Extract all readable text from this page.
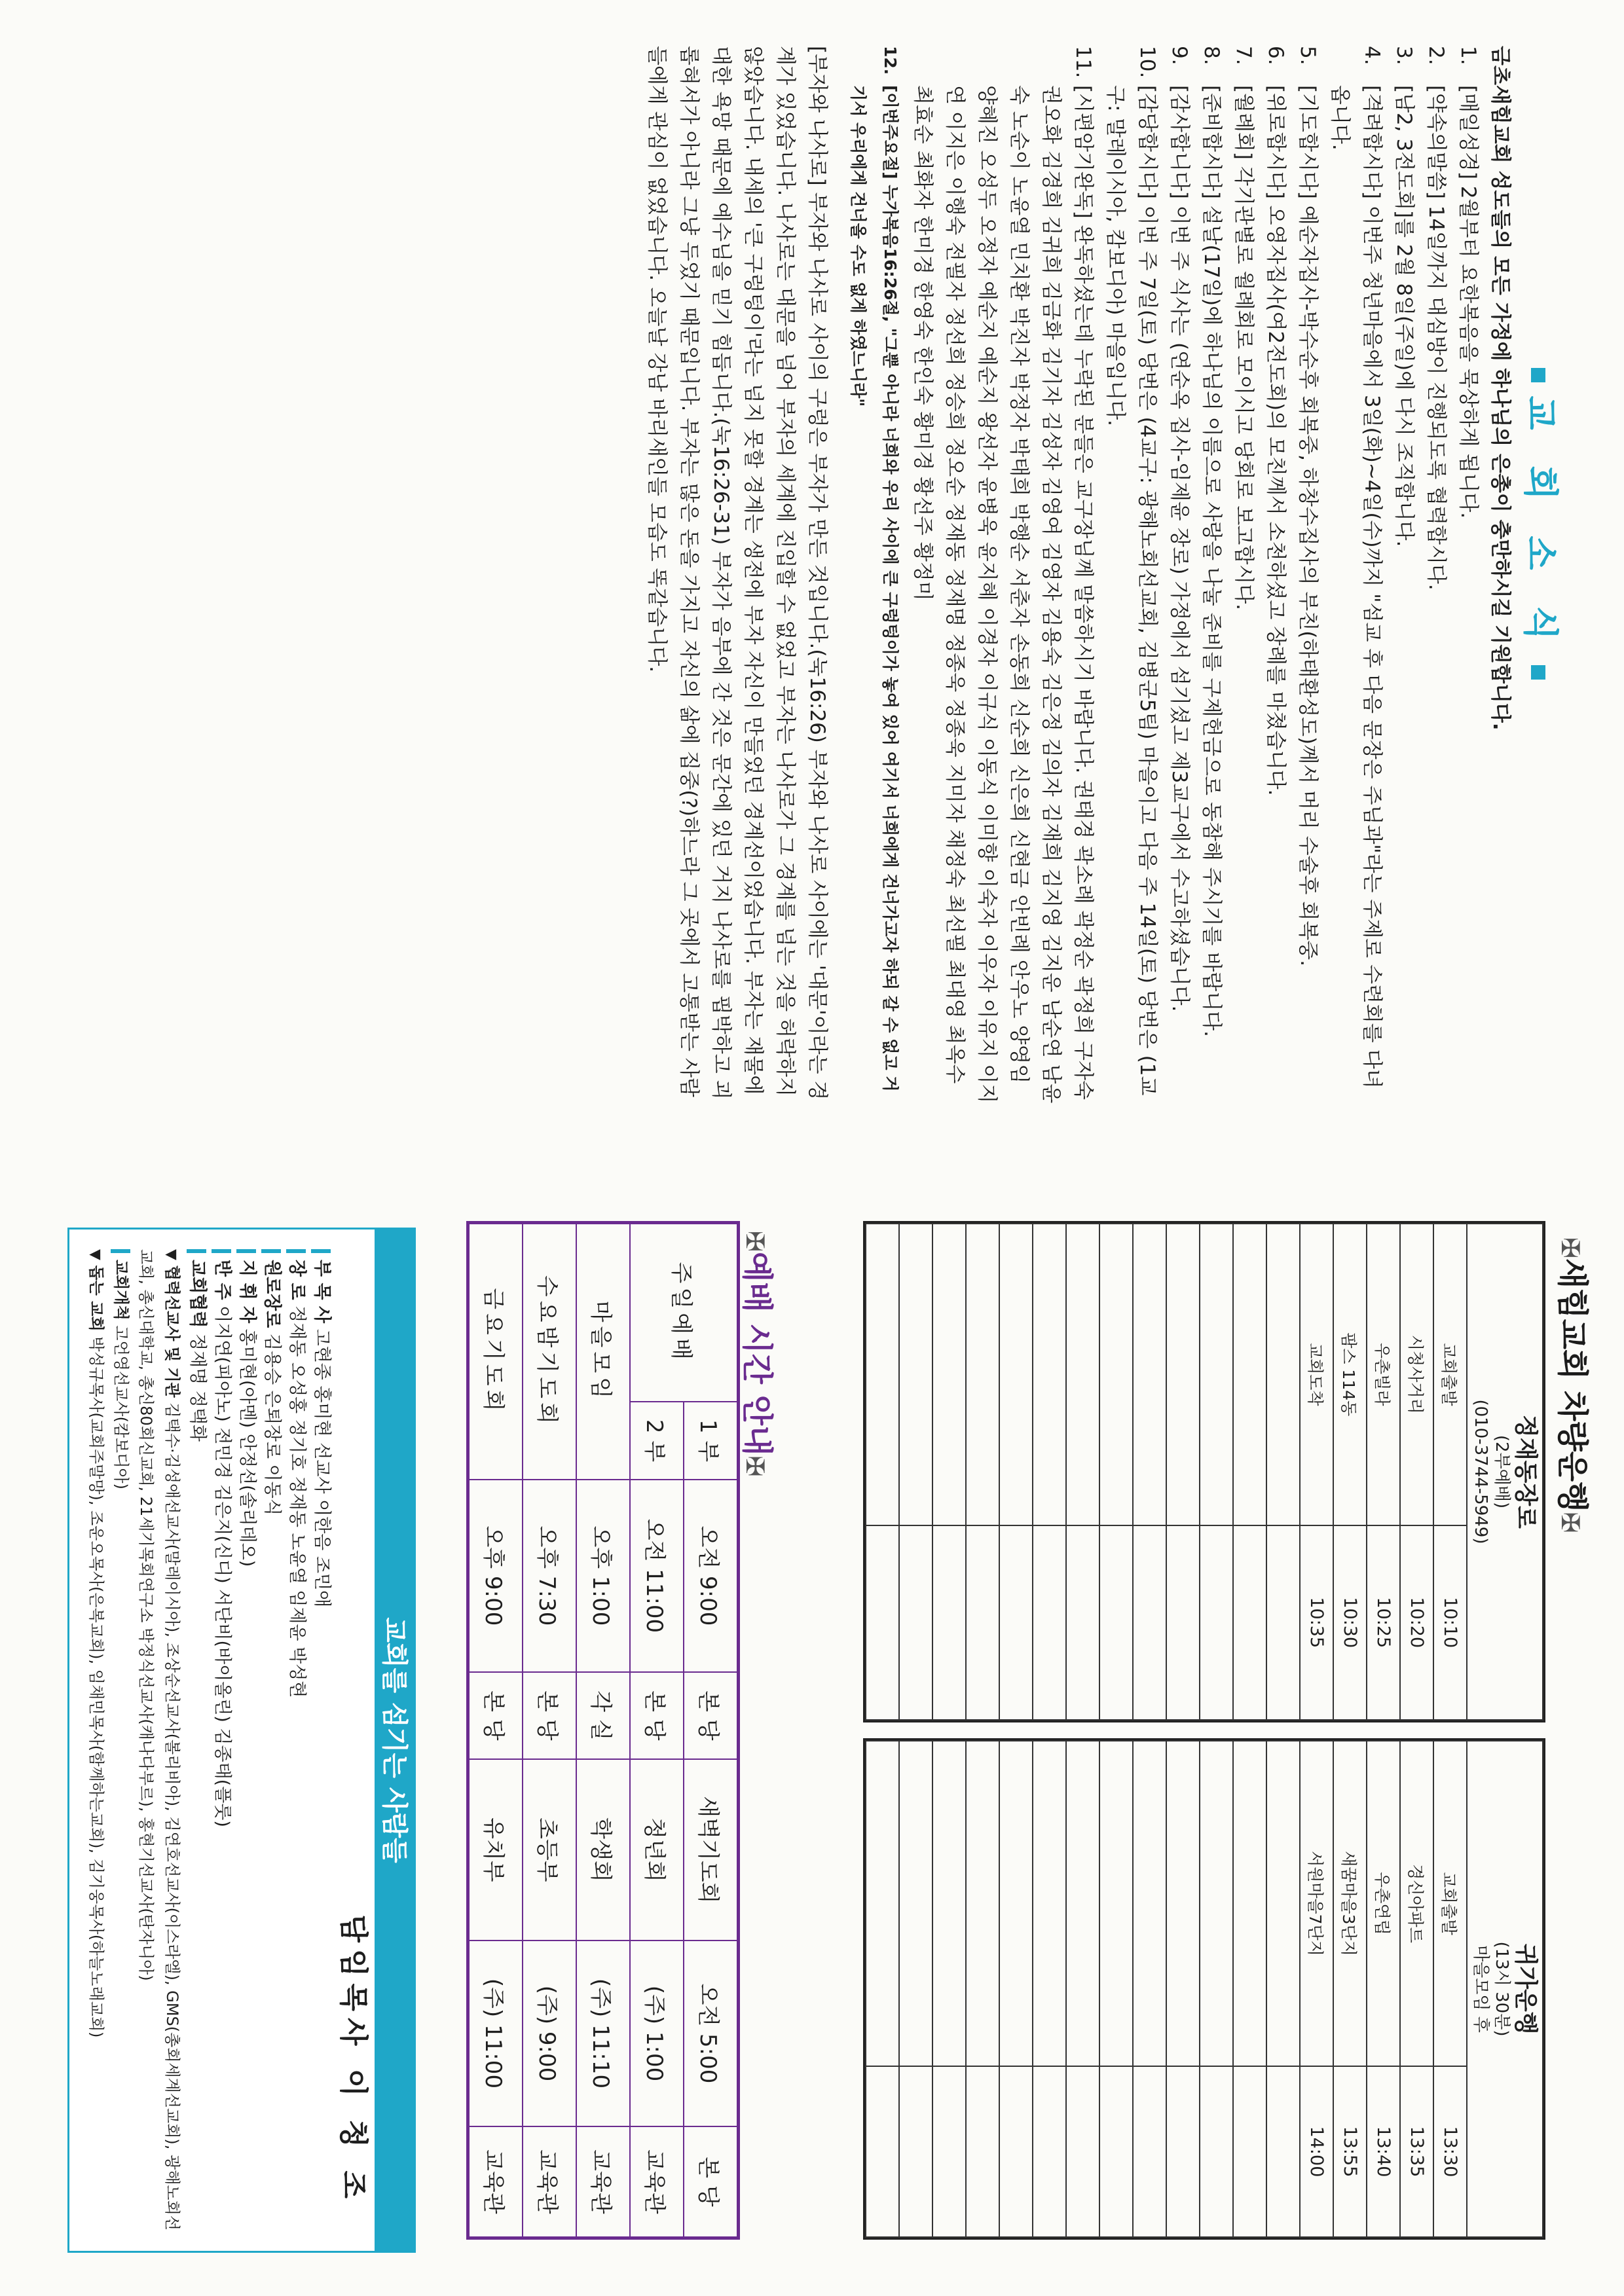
교 회 소 식
금초새힘교회 성도들의 모든 가정에 하나님의 은총이 충만하시길 기원합니다.
1.
[매일성경] 2월부터 요한복음을 묵상하게 됩니다.
2.
[약속의말씀] 14일까지 대심방이 진행되도록 협력합시다.
3.
[남2, 3전도회]를 2월 8일(주일)에 다시 조직합니다.
4.
[격려합시다] 이번주 청년마을에서 3일(화)~4일(수)까지 "섬교 후 다음 문장은 주님과"라는 주제로 수련회를 다녀옵니다.
5.
[기도합시다] 예순자집사-박수순후 회복중, 하창수집사의 부친(하태환성도)께서 머리 수술후 회복중.
6.
[위로합시다] 오영자집사(여2전도회)의 모친께서 소천하셨고 장례를 마쳤습니다.
7.
[월례회] 각기관별로 월례회로 모이시고 당회로 보고합시다.
8.
[준비합시다] 설날(17일)에 하나님의 이름으로 사랑을 나눌 준비를 구제헌금으로 동참해 주시기를 바랍니다.
9.
[감사합니다] 이번 주 식사는 (연순옥 집사-임제윤 장로) 가정에서 섬기셨고 제3교구에서 수고하셨습니다.
10.
[감당합시다] 이번 주 7일(토) 당번은 (4교구: 광해노회선교회, 김병군5팀) 마을이고 다음 주 14일(토) 당번은 (1교구: 말레이시아, 캄보디아) 마을입니다.
11.
[시편암기완독] 완독하셨는데 누락된 분들은 교구장님께 말씀하시기 바랍니다. 권태경 곽소례 곽정순 곽정희 구자숙 권오화 김경희 김귀희 김금화 김기자 김성자 김영여 김영자 김용숙 김은정 김의자 김재희 김지영 김지운 남순연 남윤숙 노순이 노윤열 민치환 박진자 박정자 박태희 박행순 서춘자 손동희 신순희 신은희 신현금 안빈례 안우노 양영임 양혜진 오성두 오정자 예순지 예순지 왕선자 윤병욱 윤지혜 이경자 이규식 이동식 이미향 이숙자 이우자 이유지 이지연 이지은 이행숙 전필자 정선희 정승희 정오순 정재동 정재명 정종욱 정종욱 지미자 채정숙 최선필 최대영 최옥수 최효순 최화자 한미경 한영숙 한인숙 황미경 황선주 황정미
12.
[이번주요절] 누가복음16:26절, "그뿐 아니라 너희와 우리 사이에 큰 구렁텅이가 놓여 있어 여기서 너희에게 건너가고자 하되 갈 수 없고 거기서 우리에게 건너올 수도 없게 하였느니라"
[부자와 나사로] 부자와 나사로 사이의 구렁은 부자가 만든 것입니다.(눅16:26) 부자와 나사로 사이에는 '대문'이라는 경계가 있었습니다. 나사로는 대문을 넘어 부자의 세계에 진입할 수 없었고 부자는 나사로가 그 경계를 넘는 것을 허락하지 않았습니다. 내세의 '큰 구렁텅이'라는 넘지 못할 경계는 생전에 부자 자신이 만들었던 경계선이었습니다. 부자는 재물에 대한 욕망 때문에 예수님을 믿기 힘듭니다.(눅16:26-31) 부자가 음부에 간 것은 문간에 있던 거지 나사로를 핍박하고 괴롭혀서가 아니라 그냥 두었기 때문입니다. 부자는 많은 돈을 가지고 자신의 삶에 집중(?)하느라 그 곳에서 고통받는 사람들에게 관심이 없었습니다. 오늘날 강남 바리새인들 모습도 똑같습니다.
✠새힘교회 차량운행✠
정재동장로
(2부예배)
(010-3744-5949)	

교회출발	10:10
시청사거리	10:20
우촌빌라	10:25
팜스 114동	10:30
교회도착	10:35

귀가운행
(13시 30분)
마을모임 후	

교회출발	13:30
경신아파트	13:35
우촌연립	13:40
새꿈마을3단지	13:55
서원마을7단지	14:00

✠예배 시간 안내✠
주일예배	1 부	오전 9:00	본 당	새벽기도회	오전 5:00	본 당
	2 부	오전 11:00	본 당	청년회	(주) 1:00	교육관
마을모임		오후 1:00	각 실	학생회	(주) 11:10	교육관
수요밤기도회		오후 7:30	본 당	초등부	(주) 9:00	교육관
금요기도회		오후 9:00	본 당	유치부	(주) 11:00	교육관
교회를 섬기는 사람들
담임목사 이 청 조
부 목 사 고현종 홍미현 선교사 이한음 조민애
장 로 정재동 오성홍 정기호 정재동 노윤열 임제윤 박성현
원로장로 김용승 은퇴장로 이동식
지 휘 자 홍미현(아멘) 안정선(솔리데오)
반 주 이지연(피아노) 전민경 김은지(신디) 서단비(바이올린) 김종태(플룻)
교회협력 정재명 정택화
▼ 협력선교사 및 기관 김택수·김성애선교사(말레이시아), 조상순선교사(볼리비아), 김연호선교사(이스라엘), GMS(총회세계선교회), 광해노회선교회, 총신대학교, 총신80회신교회, 21세기목회연구소 박정식선교사(캐나다부르), 홍현기선교사(탄자니아)
교회개척 고언영선교사(캄보디아)
▼ 돕는 교회 박성규목사(교회주말망), 조운오목사(은복교회), 임채민목사(함께하는교회), 김기웅목사(하늘노래교회)
